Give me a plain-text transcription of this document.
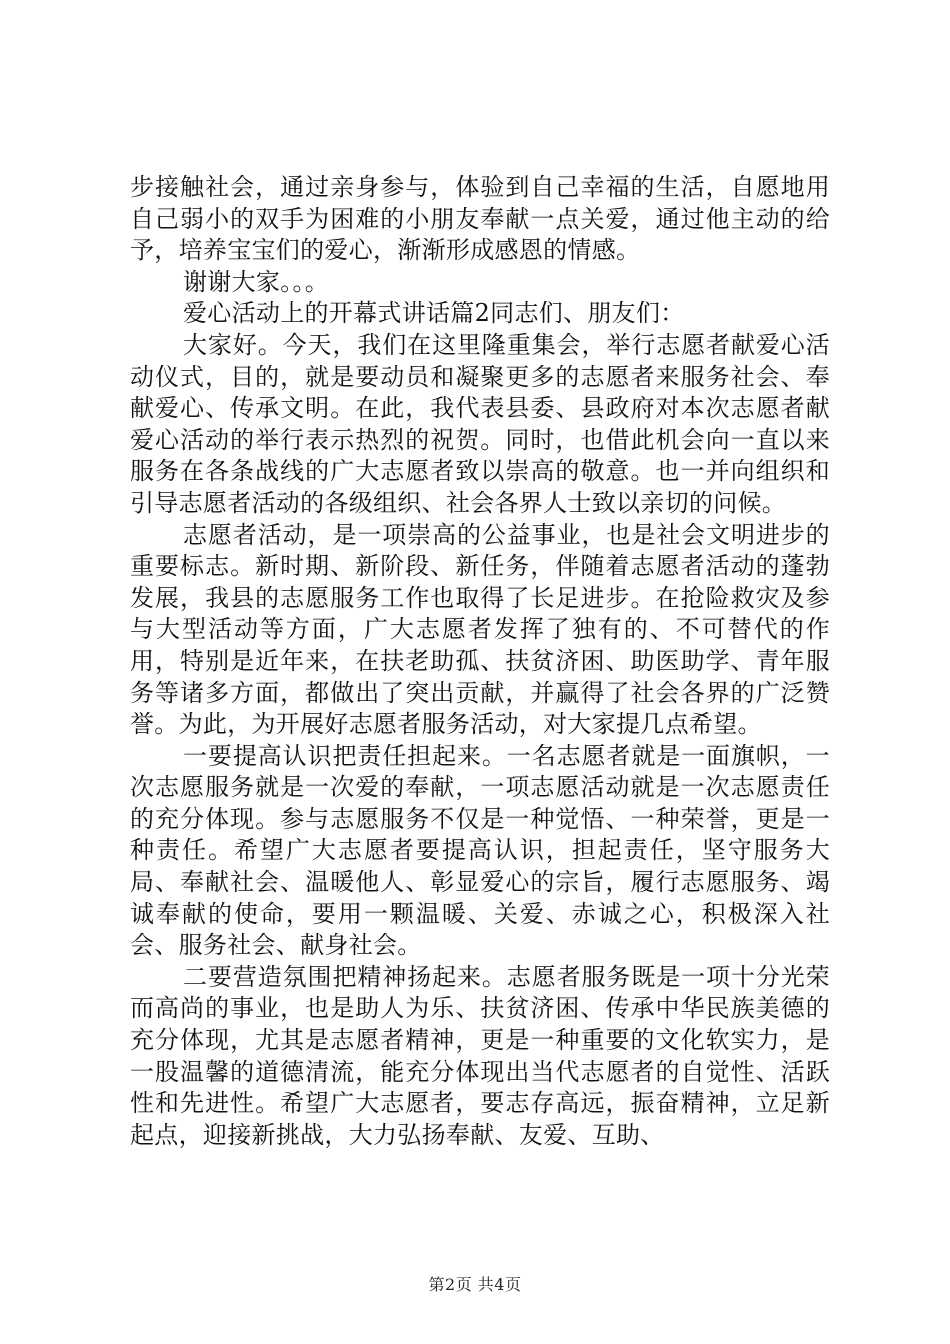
步接触社会，通过亲身参与，体验到自己幸福的生活，自愿地用自己弱小的双手为困难的小朋友奉献一点关爱，通过他主动的给予，培养宝宝们的爱心，渐渐形成感恩的情感。

谢谢大家。。。

爱心活动上的开幕式讲话篇2同志们、朋友们：

大家好。今天，我们在这里隆重集会，举行志愿者献爱心活动仪式，目的，就是要动员和凝聚更多的志愿者来服务社会、奉献爱心、传承文明。在此，我代表县委、县政府对本次志愿者献爱心活动的举行表示热烈的祝贺。同时，也借此机会向一直以来服务在各条战线的广大志愿者致以崇高的敬意。也一并向组织和引导志愿者活动的各级组织、社会各界人士致以亲切的问候。

志愿者活动，是一项崇高的公益事业，也是社会文明进步的重要标志。新时期、新阶段、新任务，伴随着志愿者活动的蓬勃发展，我县的志愿服务工作也取得了长足进步。在抢险救灾及参与大型活动等方面，广大志愿者发挥了独有的、不可替代的作用，特别是近年来，在扶老助孤、扶贫济困、助医助学、青年服务等诸多方面，都做出了突出贡献，并赢得了社会各界的广泛赞誉。为此，为开展好志愿者服务活动，对大家提几点希望。

一要提高认识把责任担起来。一名志愿者就是一面旗帜，一次志愿服务就是一次爱的奉献，一项志愿活动就是一次志愿责任的充分体现。参与志愿服务不仅是一种觉悟、一种荣誉，更是一种责任。希望广大志愿者要提高认识，担起责任，坚守服务大局、奉献社会、温暖他人、彰显爱心的宗旨，履行志愿服务、竭诚奉献的使命，要用一颗温暖、关爱、赤诚之心，积极深入社会、服务社会、献身社会。

二要营造氛围把精神扬起来。志愿者服务既是一项十分光荣而高尚的事业，也是助人为乐、扶贫济困、传承中华民族美德的充分体现，尤其是志愿者精神，更是一种重要的文化软实力，是一股温馨的道德清流，能充分体现出当代志愿者的自觉性、活跃性和先进性。希望广大志愿者，要志存高远，振奋精神，立足新起点，迎接新挑战，大力弘扬奉献、友爱、互助、

第2页 共4页
